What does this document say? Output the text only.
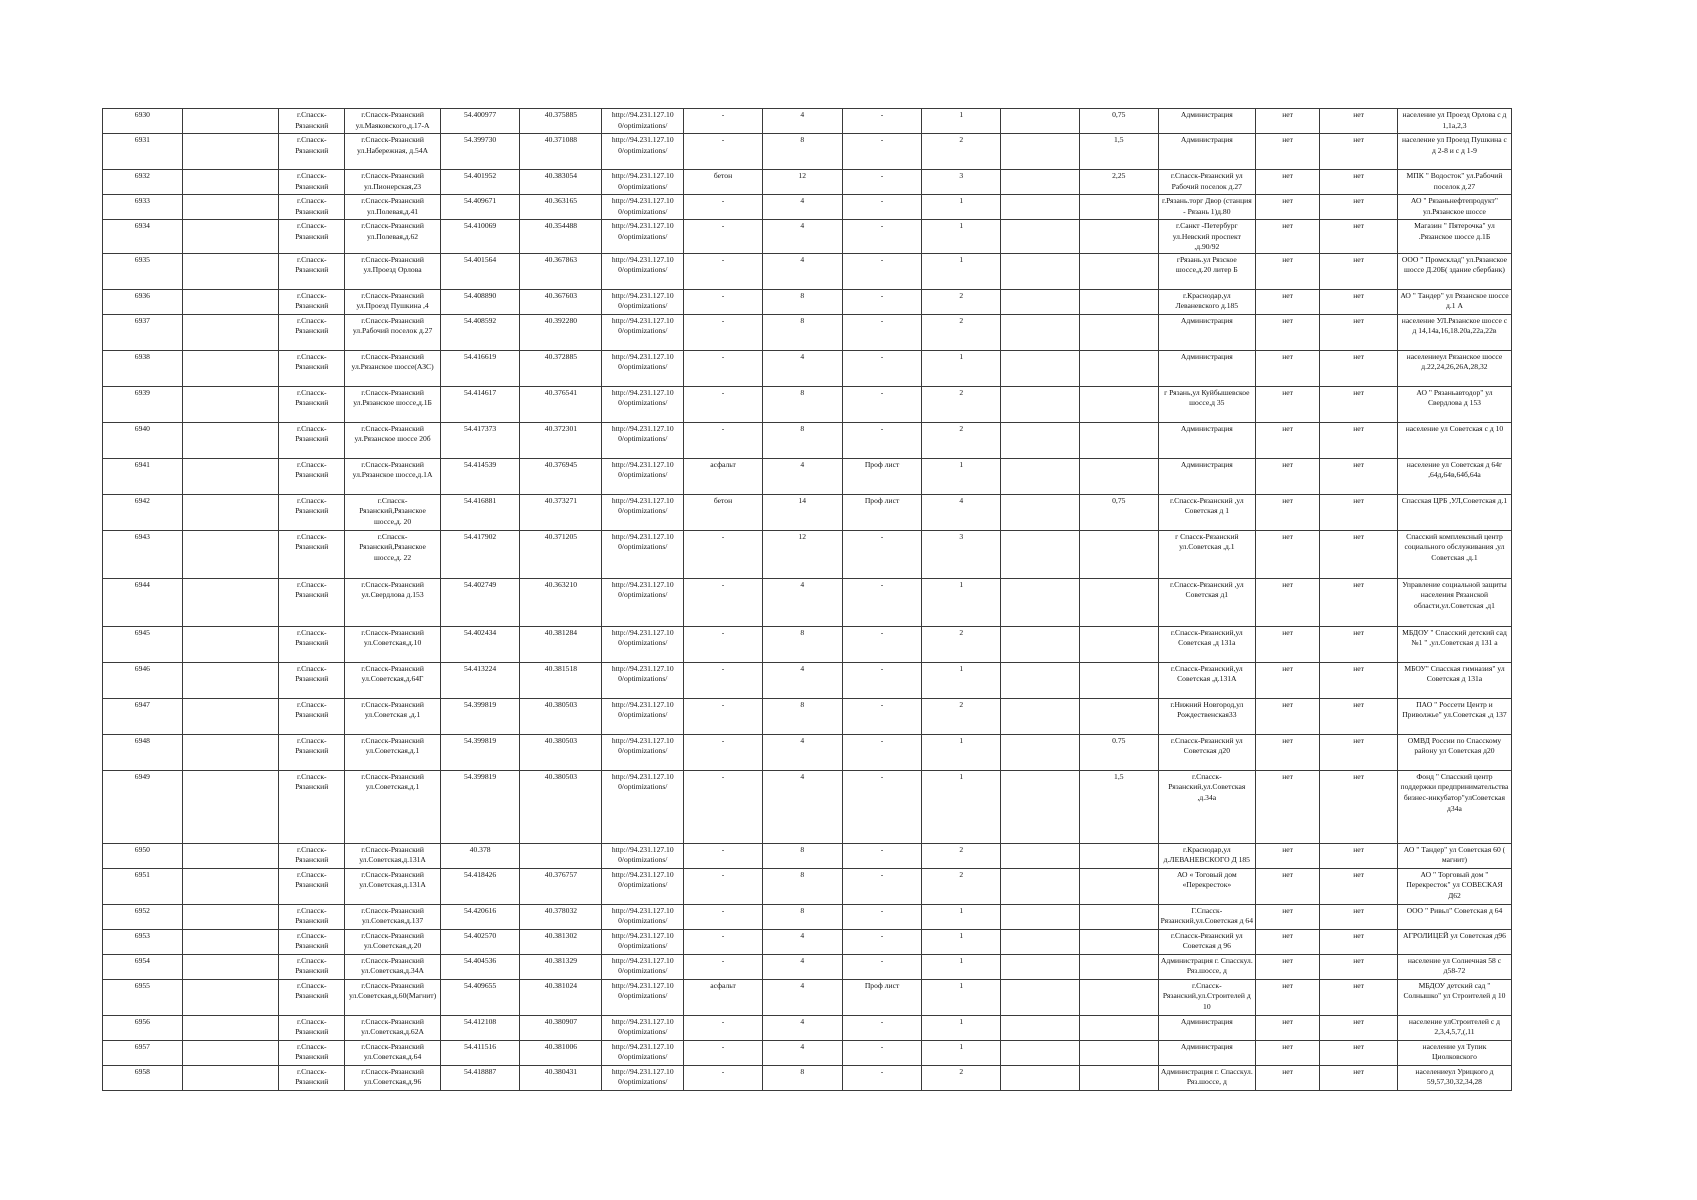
6930		г.Спасск-Рязанский	г.Спасск-Рязанский ул.Маяковского,д.17-А	54.400977	40.375885	http://94.231.127.10 0/optimizations/	-	4	-	1		0,75	Администрация	нет	нет	население ул Проезд Орлова с д 1,1а,2,3
6931		г.Спасск-Рязанский	г.Спасск-Рязанский ул.Набережная, д.54А	54.399730	40.371088	http://94.231.127.10 0/optimizations/	-	8	-	2		1,5	Администрация	нет	нет	население ул Проезд Пушкина с д 2-8 и с д 1-9
6932		г.Спасск-Рязанский	г.Спасск-Рязанский ул.Пионерская,23	54.401952	40.383054	http://94.231.127.10 0/optimizations/	бетон	12	-	3		2,25	г.Спасск-Рязанский ул Рабочий поселок д.27	нет	нет	МПК " Водосток" ул.Рабочий поселок д.27
6933		г.Спасск-Рязанский	г.Спасск-Рязанский ул.Полевая,д.41	54.409671	40.363165	http://94.231.127.10 0/optimizations/	-	4	-	1			г.Рязань.торг Двор (станция - Рязань 1)д.80	нет	нет	АО " Рязаньнефтепродукт" ул.Рязанское шоссе
6934		г.Спасск-Рязанский	г.Спасск-Рязанский ул.Полевая,д.62	54.410069	40.354488	http://94.231.127.10 0/optimizations/	-	4	-	1			г.Санкт -Петербург ул.Невский проспект ,д.90/92	нет	нет	Магазин " Пятерочка" ул .Рязанское шоссе д.1Б
6935		г.Спасск-Рязанский	г.Спасск-Рязанский ул.Проезд Орлова	54.401564	40.367863	http://94.231.127.10 0/optimizations/	-	4	-	1			гРязань.ул Рязское шоссе,д.20 литер Б	нет	нет	ООО " Промсклад" ул.Рязанское шоссе Д.20Б( здание сбербанк)
6936		г.Спасск-Рязанский	г.Спасск-Рязанский ул.Проезд Пушкина ,4	54.408890	40.367603	http://94.231.127.10 0/optimizations/	-	8	-	2			г.Краснодар,ул Леваневского д.185	нет	нет	АО " Тандер" ул Рязанское шоссе д.1 А
6937		г.Спасск-Рязанский	г.Спасск-Рязанский ул.Рабочий поселок д.27	54.408592	40.392280	http://94.231.127.10 0/optimizations/	-	8	-	2			Администрация	нет	нет	население УЛ.Рязанское шоссе с д 14,14а,16,18.20а,22а,22в
6938		г.Спасск-Рязанский	г.Спасск-Рязанский ул.Рязанское шоссе(АЗС)	54.416619	40.372885	http://94.231.127.10 0/optimizations/	-	4	-	1			Администрация	нет	нет	населениеул Рязанское шоссе д.22,24,26,26А,28,32
6939		г.Спасск-Рязанский	г.Спасск-Рязанский ул.Рязанское шоссе,д.1Б	54.414617	40.376541	http://94.231.127.10 0/optimizations/	-	8	-	2			г Рязань,ул Куйбышевское шоссе,д 35	нет	нет	АО " Рязаньавтодор" ул Свердлова д 153
6940		г.Спасск-Рязанский	г.Спасск-Рязанский ул.Рязанское шоссе 20б	54.417373	40.372301	http://94.231.127.10 0/optimizations/	-	8	-	2			Администрация	нет	нет	население ул Советская с д 10
6941		г.Спасск-Рязанский	г.Спасск-Рязанский ул.Рязанское шоссе,д.1А	54.414539	40.376945	http://94.231.127.10 0/optimizations/	асфальт	4	Проф лист	1			Администрация	нет	нет	население ул Советская д 64г ,64д,64в,64б,64а
6942		г.Спасск-Рязанский	г.Спасск-Рязанский,Рязанское шоссе,д. 20	54.416881	40.373271	http://94.231.127.10 0/optimizations/	бетон	14	Проф лист	4		0,75	г.Спасск-Рязанский ,ул Советская д 1	нет	нет	Спасская ЦРБ ,УЛ,Советская д.1
6943		г.Спасск-Рязанский	г.Спасск-Рязанский,Рязанское шоссе,д. 22	54.417902	40.371205	http://94.231.127.10 0/optimizations/	-	12	-	3			г Спасск-Рязанский ул.Советская ,д.1	нет	нет	Спасский комплексный центр социального обслуживания ,ул Советская ,д.1
6944		г.Спасск-Рязанский	г.Спасск-Рязанский ул.Свердлова д.153	54.402749	40.363210	http://94.231.127.10 0/optimizations/	-	4	-	1			г.Спасск-Рязанский ,ул Советская д1	нет	нет	Управление социальной защиты населения Рязанской области,ул.Советская ,д1
6945		г.Спасск-Рязанский	г.Спасск-Рязанский ул.Советская,д.10	54.402434	40.381284	http://94.231.127.10 0/optimizations/	-	8	-	2			г.Спасск-Рязанский,ул Советская ,д 131а	нет	нет	МБДОУ " Спасский детский сад №1 " ,ул.Советская д 131 а
6946		г.Спасск-Рязанский	г.Спасск-Рязанский ул.Советская,д.64Г	54.413224	40.381518	http://94.231.127.10 0/optimizations/	-	4	-	1			г.Спасск-Рязанский,ул Советская ,д.131А	нет	нет	МБОУ" Спасская гимназия" ул Советская д 131а
6947		г.Спасск-Рязанский	г.Спасск-Рязанский ул.Советская ,д.1	54.399819	40.380503	http://94.231.127.10 0/optimizations/	-	8	-	2			г.Нижний Новгород,ул Рождественская33	нет	нет	ПАО " Россети Центр и Приволжье" ул.Советская ,д 137
6948		г.Спасск-Рязанский	г.Спасск-Рязанский ул.Советская,д.1	54.399819	40.380503	http://94.231.127.10 0/optimizations/	-	4	-	1		0.75	г.Спасск-Рязанский ул Советская д20	нет	нет	ОМВД России по Спасскому району ул Советская д20
6949		г.Спасск-Рязанский	г.Спасск-Рязанский ул.Советская,д.1	54.399819	40.380503	http://94.231.127.10 0/optimizations/	-	4	-	1		1,5	г.Спасск-Рязанский,ул.Советская ,д.34а	нет	нет	Фонд " Спасский центр поддержки предпринимательства бизнес-инкубатор"улСоветская д34а
6950		г.Спасск-Рязанский	г.Спасск-Рязанский ул.Советская,д.131А	40.378		http://94.231.127.10 0/optimizations/	-	8	-	2			г.Краснодар,ул д.ЛЕВАНЕВСКОГО Д 185	нет	нет	АО " Тандер" ул Советская 60 ( магнит)
6951		г.Спасск-Рязанский	г.Спасск-Рязанский ул.Советская,д.131А	54.418426	40.376757	http://94.231.127.10 0/optimizations/	-	8	-	2			АО « Тоговый дом «Перекресток»	нет	нет	АО " Торговый дом " Перекресток" ул СОВЕСКАЯ Д62
6952		г.Спасск-Рязанский	г.Спасск-Рязанский ул.Советская,д.137	54.420616	40.378032	http://94.231.127.10 0/optimizations/	-	8	-	1			Г.Спасск-Рязанский,ул.Советская д 64	нет	нет	ООО " Ривьл" Советская д 64
6953		г.Спасск-Рязанский	г.Спасск-Рязанский ул.Советская,д.20	54.402570	40.381302	http://94.231.127.10 0/optimizations/	-	4	-	1			г.Спасск-Рязанский ул Советская д 96	нет	нет	АГРОЛИЦЕЙ ул Советская д96
6954		г.Спасск-Рязанский	г.Спасск-Рязанский ул.Советская,д.34А	54.404536	40.381329	http://94.231.127.10 0/optimizations/	-	4	-	1			Администрация г. Спасскул. Ряз.шоссе, д	нет	нет	население ул Солнечная 58 с д58-72
6955		г.Спасск-Рязанский	г.Спасск-Рязанский ул.Советская,д.60(Магнит)	54.409655	40.381024	http://94.231.127.10 0/optimizations/	асфальт	4	Проф лист	1			г.Спасск-Рязанский,ул.Строителей д 10	нет	нет	МБДОУ детский сад " Солнышко" ул Строителей д 10
6956		г.Спасск-Рязанский	г.Спасск-Рязанский ул.Советская,д.62А	54.412108	40.380907	http://94.231.127.10 0/optimizations/	-	4	-	1			Администрация	нет	нет	население улСтроителей с д 2,3,4,5,7,(,11
6957		г.Спасск-Рязанский	г.Спасск-Рязанский ул.Советская,д.64	54.411516	40.381006	http://94.231.127.10 0/optimizations/	-	4	-	1			Администрация	нет	нет	население ул Тупик Циолковского
6958		г.Спасск-Рязанский	г.Спасск-Рязанский ул.Советская,д.96	54.418887	40.380431	http://94.231.127.10 0/optimizations/	-	8	-	2			Администрация г. Спасскул. Ряз.шоссе, д	нет	нет	населениеул Урицкого д 59,57,30,32,34,28
